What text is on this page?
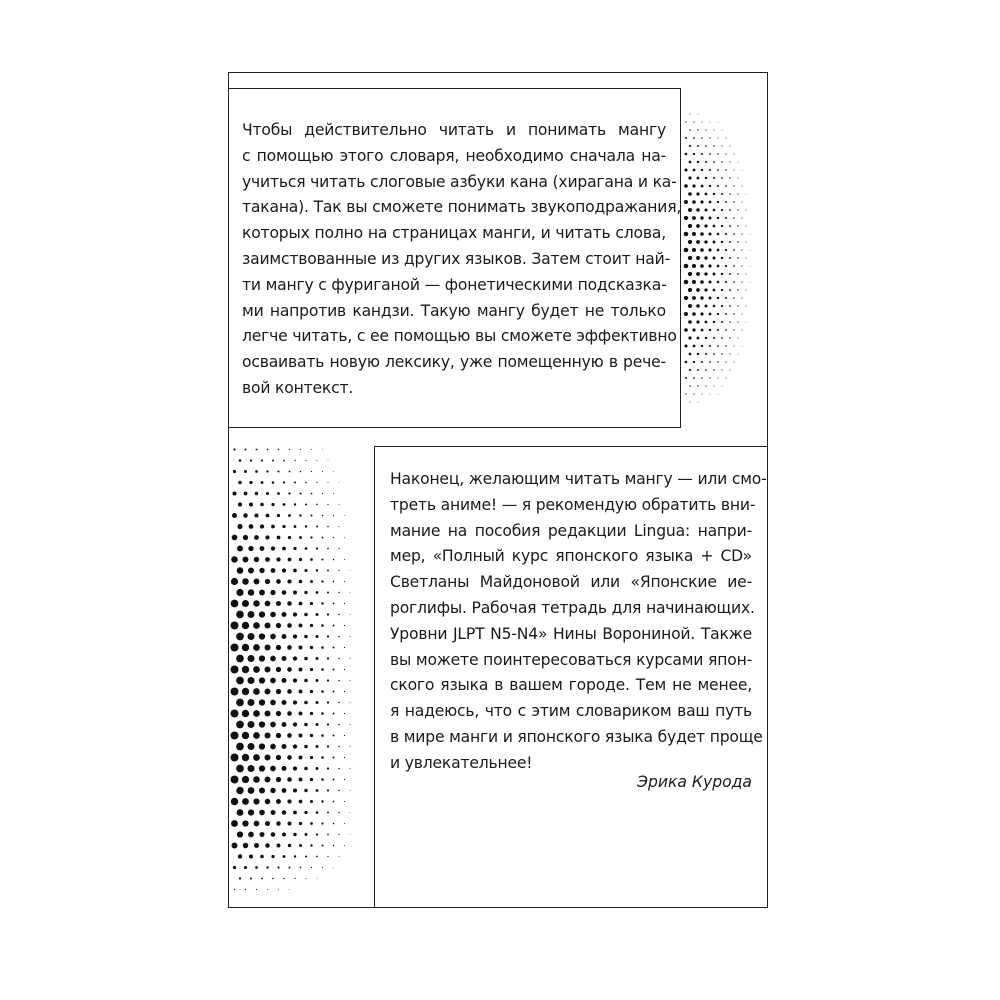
Чтобы действительно читать и понимать мангу
с помощью этого словаря, необходимо сначала на-
учиться читать слоговые азбуки кана (хирагана и ка-
такана). Так вы сможете понимать звукоподражания,
которых полно на страницах манги, и читать слова,
заимствованные из других языков. Затем стоит най-
ти мангу с фуриганой — фонетическими подсказка-
ми напротив кандзи. Такую мангу будет не только
легче читать, с ее помощью вы сможете эффективно
осваивать новую лексику, уже помещенную в рече-
вой контекст.
Наконец, желающим читать мангу — или смо-
треть аниме! — я рекомендую обратить вни-
мание на пособия редакции Lingua: напри-
мер, «Полный курс японского языка + CD»
Светланы Майдоновой или «Японские ие-
роглифы. Рабочая тетрадь для начинающих.
Уровни JLPT N5-N4» Нины Ворониной. Также
вы можете поинтересоваться курсами япон-
ского языка в вашем городе. Тем не менее,
я надеюсь, что с этим словариком ваш путь
в мире манги и японского языка будет проще
и увлекательнее!
Эрика Курода
